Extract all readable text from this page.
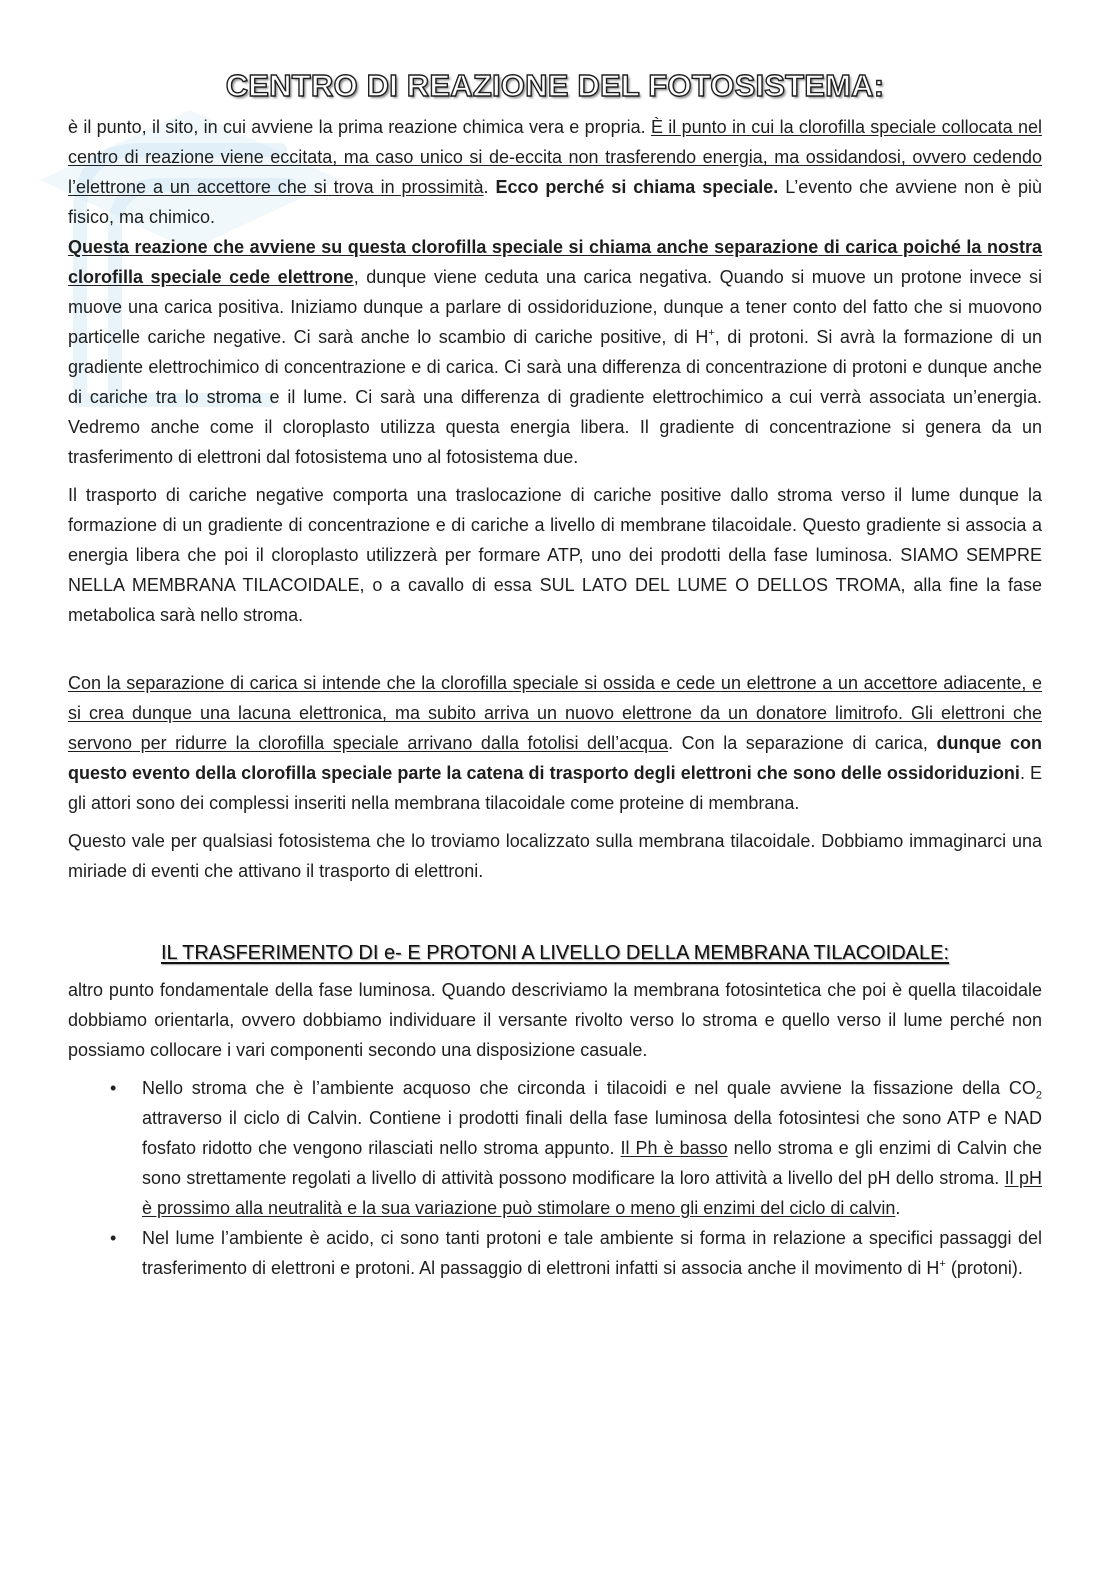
CENTRO DI REAZIONE DEL FOTOSISTEMA:

è il punto, il sito, in cui avviene la prima reazione chimica vera e propria. È il punto in cui la clorofilla speciale collocata nel centro di reazione viene eccitata, ma caso unico si de-eccita non trasferendo energia, ma ossidandosi, ovvero cedendo l’elettrone a un accettore che si trova in prossimità. Ecco perché si chiama speciale. L’evento che avviene non è più fisico, ma chimico.
Questa reazione che avviene su questa clorofilla speciale si chiama anche separazione di carica poiché la nostra clorofilla speciale cede elettrone, dunque viene ceduta una carica negativa. Quando si muove un protone invece si muove una carica positiva. Iniziamo dunque a parlare di ossidoriduzione, dunque a tener conto del fatto che si muovono particelle cariche negative. Ci sarà anche lo scambio di cariche positive, di H+, di protoni. Si avrà la formazione di un gradiente elettrochimico di concentrazione e di carica. Ci sarà una differenza di concentrazione di protoni e dunque anche di cariche tra lo stroma e il lume. Ci sarà una differenza di gradiente elettrochimico a cui verrà associata un’energia. Vedremo anche come il cloroplasto utilizza questa energia libera. Il gradiente di concentrazione si genera da un trasferimento di elettroni dal fotosistema uno al fotosistema due.

Il trasporto di cariche negative comporta una traslocazione di cariche positive dallo stroma verso il lume dunque la formazione di un gradiente di concentrazione e di cariche a livello di membrane tilacoidale. Questo gradiente si associa a energia libera che poi il cloroplasto utilizzerà per formare ATP, uno dei prodotti della fase luminosa. SIAMO SEMPRE NELLA MEMBRANA TILACOIDALE, o a cavallo di essa SUL LATO DEL LUME O DELLOS TROMA, alla fine la fase metabolica sarà nello stroma.

Con la separazione di carica si intende che la clorofilla speciale si ossida e cede un elettrone a un accettore adiacente, e si crea dunque una lacuna elettronica, ma subito arriva un nuovo elettrone da un donatore limitrofo. Gli elettroni che servono per ridurre la clorofilla speciale arrivano dalla fotolisi dell’acqua. Con la separazione di carica, dunque con questo evento della clorofilla speciale parte la catena di trasporto degli elettroni che sono delle ossidoriduzioni. E gli attori sono dei complessi inseriti nella membrana tilacoidale come proteine di membrana.

Questo vale per qualsiasi fotosistema che lo troviamo localizzato sulla membrana tilacoidale. Dobbiamo immaginarci una miriade di eventi che attivano il trasporto di elettroni.

IL TRASFERIMENTO DI e- E PROTONI A LIVELLO DELLA MEMBRANA TILACOIDALE:

altro punto fondamentale della fase luminosa. Quando descriviamo la membrana fotosintetica che poi è quella tilacoidale dobbiamo orientarla, ovvero dobbiamo individuare il versante rivolto verso lo stroma e quello verso il lume perché non possiamo collocare i vari componenti secondo una disposizione casuale.

• Nello stroma che è l’ambiente acquoso che circonda i tilacoidi e nel quale avviene la fissazione della $CO_2$ attraverso il ciclo di Calvin. Contiene i prodotti finali della fase luminosa della fotosintesi che sono ATP e NAD fosfato ridotto che vengono rilasciati nello stroma appunto. Il Ph è basso nello stroma e gli enzimi di Calvin che sono strettamente regolati a livello di attività possono modificare la loro attività a livello del pH dello stroma. Il pH è prossimo alla neutralità e la sua variazione può stimolare o meno gli enzimi del ciclo di calvin.

• Nel lume l’ambiente è acido, ci sono tanti protoni e tale ambiente si forma in relazione a specifici passaggi del trasferimento di elettroni e protoni. Al passaggio di elettroni infatti si associa anche il movimento di H+ (protoni).
